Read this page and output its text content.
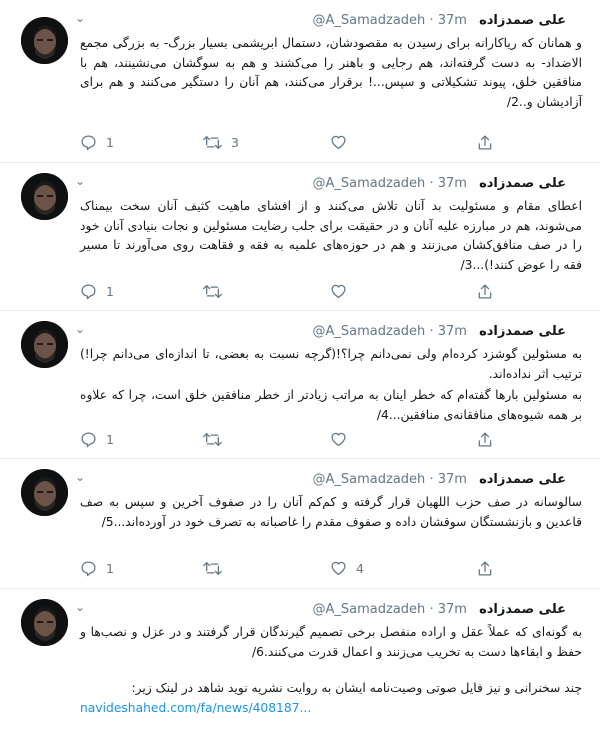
⌄	@A_Samadzadeh · 37m علی صمدزاده

و همانان که ریاکارانه برای رسیدن به مقصودشان، دستمال ابریشمی بسیار بزرگ- به بزرگی مجمع الاضداد- به دست گرفته‌اند، هم رجایی و باهنر را می‌کشند و هم به سوگشان می‌نشینند، هم با منافقین خلق، پیوند تشکیلاتی و سپس...! برقرار می‌کنند، هم آنان را دستگیر می‌کنند و هم برای آزادیشان و..2/

1	3
⌄	@A_Samadzadeh · 37m علی صمدزاده

اعطای مقام و مسئولیت بد آنان تلاش می‌کنند و از افشای ماهیت کثیف آنان سخت بیمناک می‌شوند، هم در مبارزه علیه آنان و در حقیقت برای جلب رضایت مسئولین و نجات بنیادی آنان خود را در صف منافق‌کشان می‌زنند و هم در حوزه‌های علمیه به فقه و فقاهت روی می‌آورند تا مسیر فقه را عوض کنند!)...3/

1
⌄	@A_Samadzadeh · 37m علی صمدزاده

به مسئولین گوشزد کرده‌ام ولی نمی‌دانم چرا؟!(گرچه نسبت به بعضی، تا اندازه‌ای می‌دانم چرا!) ترتیب اثر نداده‌اند.

به مسئولین بارها گفته‌ام که خطر اینان به مراتب زیادتر از خطر منافقین خلق است، چرا که علاوه بر همه شیوه‌های منافقانه‌ی منافقین...4/

1
⌄	@A_Samadzadeh · 37m علی صمدزاده

سالوسانه در صف حزب اللهیان قرار گرفته و کم‌کم آنان را در صفوف آخرین و سپس به صف قاعدین و بازنشستگان سوقشان داده و صفوف مقدم را غاصبانه به تصرف خود در آورده‌اند...5/

1	4
⌄	@A_Samadzadeh · 37m علی صمدزاده

به گونه‌ای که عملاً عقل و اراده منفصل برخی تصمیم گیرندگان قرار گرفتند و در عزل و نصب‌ها و حفظ و ابقاءها دست به تخریب می‌زنند و اعمال قدرت می‌کنند.6/

چند سخنرانی و نیز فایل صوتی وصیت‌نامه ایشان به روایت نشریه نوید شاهد در لینک زیر:

navideshahed.com/fa/news/408187...
